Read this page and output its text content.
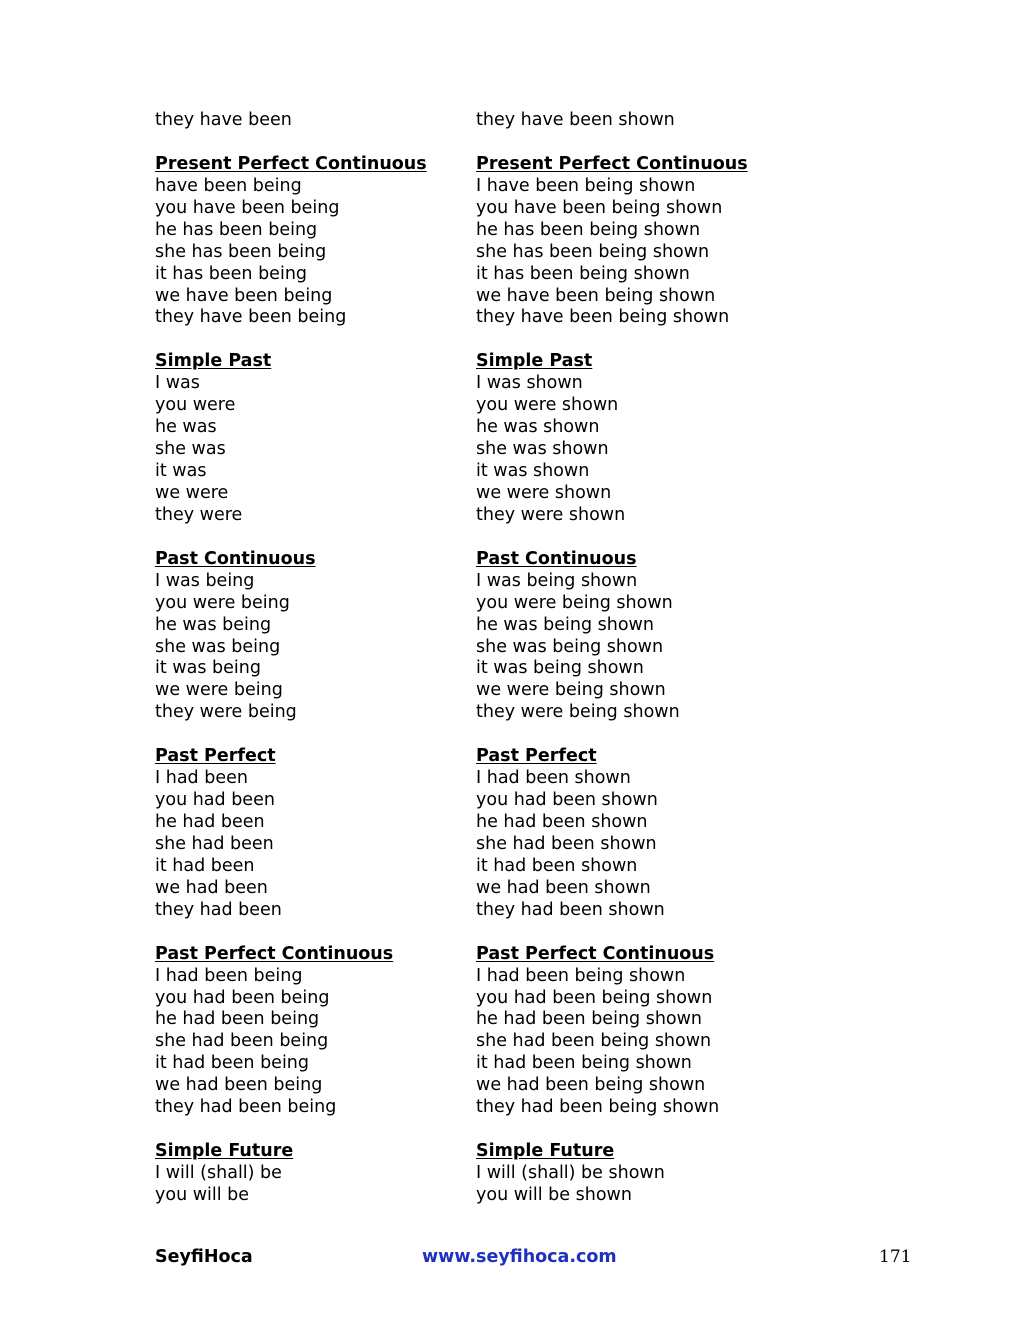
they have been
Present Perfect Continuous
have been being
you have been being
he has been being
she has been being
it has been being
we have been being
they have been being
Simple Past
I was
you were
he was
she was
it was
we were
they were
Past Continuous
I was being
you were being
he was being
she was being
it was being
we were being
they were being
Past Perfect
I had been
you had been
he had been
she had been
it had been
we had been
they had been
Past Perfect Continuous
I had been being
you had been being
he had been being
she had been being
it had been being
we had been being
they had been being
Simple Future
I will (shall) be
you will be
they have been shown
Present Perfect Continuous
I have been being shown
you have been being shown
he has been being shown
she has been being shown
it has been being shown
we have been being shown
they have been being shown
Simple Past
I was shown
you were shown
he was shown
she was shown
it was shown
we were shown
they were shown
Past Continuous
I was being shown
you were being shown
he was being shown
she was being shown
it was being shown
we were being shown
they were being shown
Past Perfect
I had been shown
you had been shown
he had been shown
she had been shown
it had been shown
we had been shown
they had been shown
Past Perfect Continuous
I had been being shown
you had been being shown
he had been being shown
she had been being shown
it had been being shown
we had been being shown
they had been being shown
Simple Future
I will (shall) be shown
you will be shown
SeyfiHoca	www.seyfihoca.com	171
